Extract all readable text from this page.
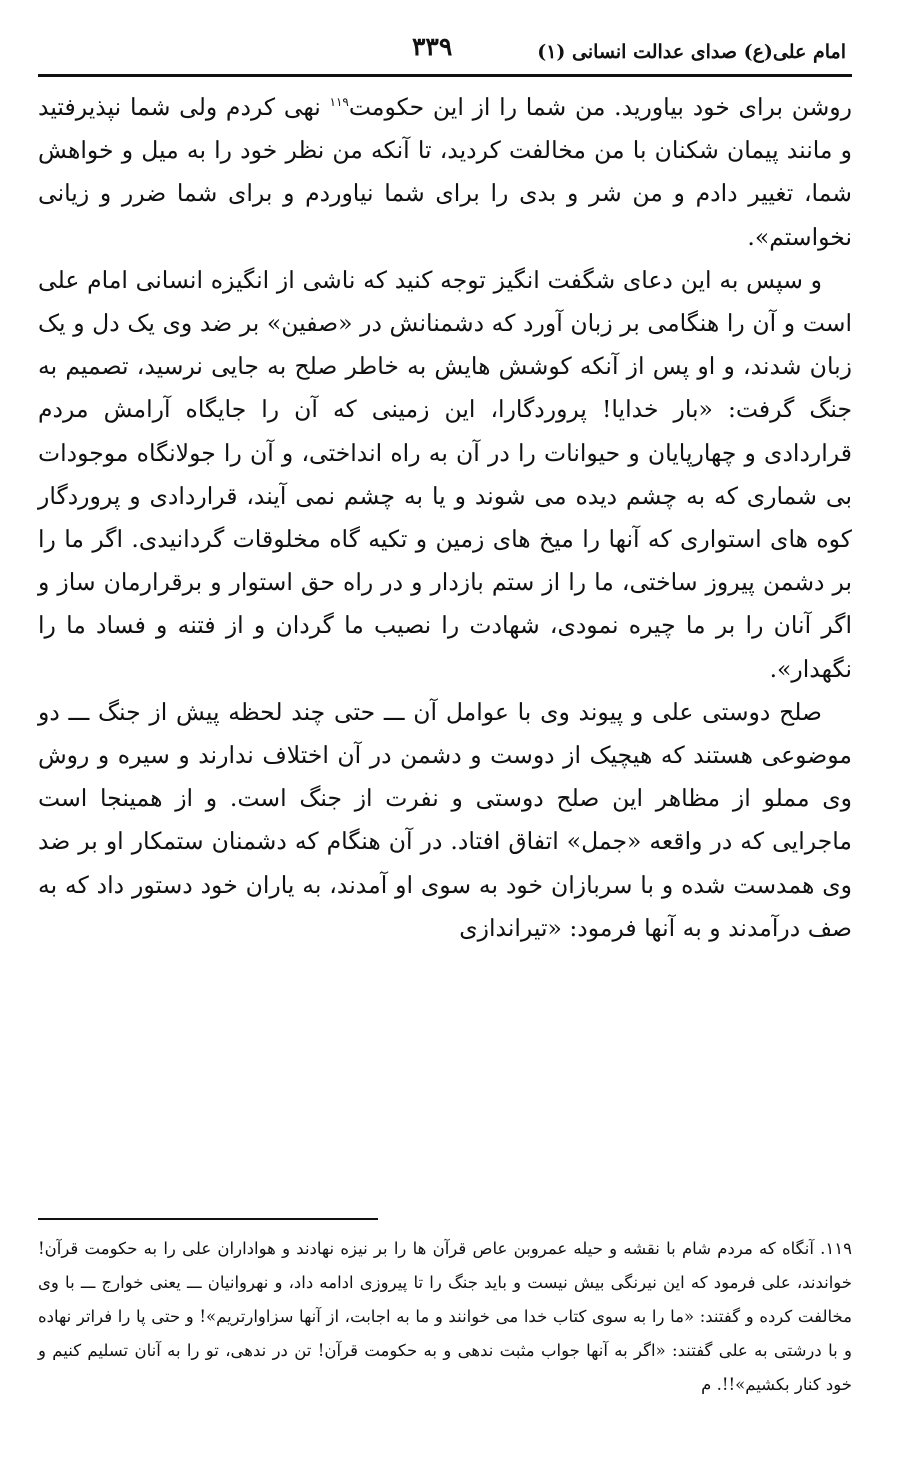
امام علی(ع) صدای عدالت انسانی (۱)
۳۳۹

روشن برای خود بیاورید. من شما را از این حکومت$^{۱۱۹}$ نهی کردم ولی شما نپذیرفتید و مانند پیمان شکنان با من مخالفت کردید، تا آنکه من نظر خود را به میل و خواهش شما، تغییر دادم و من شر و بدی را برای شما نیاوردم و برای شما ضرر و زیانی نخواستم».

و سپس به این دعای شگفت انگیز توجه کنید که ناشی از انگیزه انسانی امام علی است و آن را هنگامی بر زبان آورد که دشمنانش در «صفین» بر ضد وی یک دل و یک زبان شدند، و او پس از آنکه کوشش هایش به خاطر صلح به جایی نرسید، تصمیم به جنگ گرفت: «بار خدایا! پروردگارا، این زمینی که آن را جایگاه آرامش مردم قراردادی و چهارپایان و حیوانات را در آن به راه انداختی، و آن را جولانگاه موجودات بی شماری که به چشم دیده می شوند و یا به چشم نمی آیند، قراردادی و پروردگار کوه های استواری که آنها را میخ های زمین و تکیه گاه مخلوقات گردانیدی. اگر ما را بر دشمن پیروز ساختی، ما را از ستم بازدار و در راه حق استوار و برقرارمان ساز و اگر آنان را بر ما چیره نمودی، شهادت را نصیب ما گردان و از فتنه و فساد ما را نگهدار».

صلح دوستی علی و پیوند وی با عوامل آن ـــ حتی چند لحظه پیش از جنگ ـــ دو موضوعی هستند که هیچیک از دوست و دشمن در آن اختلاف ندارند و سیره و روش وی مملو از مظاهر این صلح دوستی و نفرت از جنگ است. و از همینجا است ماجرایی که در واقعه «جمل» اتفاق افتاد. در آن هنگام که دشمنان ستمکار او بر ضد وی همدست شده و با سربازان خود به سوی او آمدند، به یاران خود دستور داد که به صف درآمدند و به آنها فرمود: «تیراندازی

۱۱۹. آنگاه که مردم شام با نقشه و حیله عمروبن عاص قرآن ها را بر نیزه نهادند و هواداران علی را به حکومت قرآن! خواندند، علی فرمود که این نیرنگی بیش نیست و باید جنگ را تا پیروزی ادامه داد، و نهروانیان ـــ یعنی خوارج ـــ با وی مخالفت کرده و گفتند: «ما را به سوی کتاب خدا می خوانند و ما به اجابت، از آنها سزاوارتریم»! و حتی پا را فراتر نهاده و با درشتی به علی گفتند: «اگر به آنها جواب مثبت ندهی و به حکومت قرآن! تن در ندهی، تو را به آنان تسلیم کنیم و خود کنار بکشیم»!!. م
